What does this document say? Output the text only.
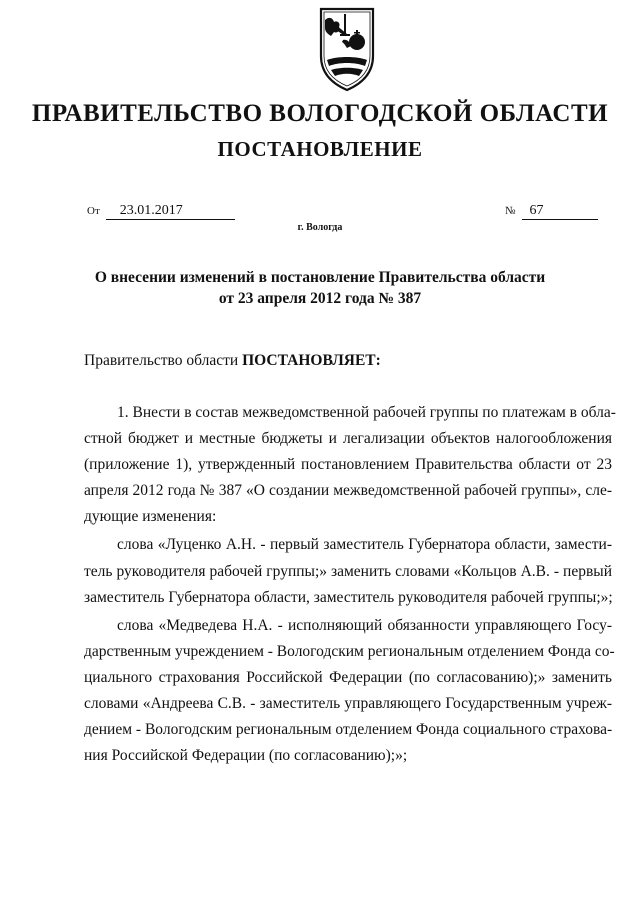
ПРАВИТЕЛЬСТВО ВОЛОГОДСКОЙ ОБЛАСТИ
ПОСТАНОВЛЕНИЕ
От 23.01.2017	№ 67
г. Вологда
О внесении изменений в постановление Правительства области
от 23 апреля 2012 года № 387
Правительство области ПОСТАНОВЛЯЕТ:
1. Внести в состав межведомственной рабочей группы по платежам в обла-
стной бюджет и местные бюджеты и легализации объектов налогообложения
(приложение 1), утвержденный постановлением Правительства области от 23
апреля 2012 года № 387 «О создании межведомственной рабочей группы», сле-
дующие изменения:
слова «Луценко А.Н. - первый заместитель Губернатора области, замести-
тель руководителя рабочей группы;» заменить словами «Кольцов А.В. - первый
заместитель Губернатора области, заместитель руководителя рабочей группы;»;
слова «Медведева Н.А. - исполняющий обязанности управляющего Госу-
дарственным учреждением - Вологодским региональным отделением Фонда со-
циального страхования Российской Федерации (по согласованию);» заменить
словами «Андреева С.В. - заместитель управляющего Государственным учреж-
дением - Вологодским региональным отделением Фонда социального страхова-
ния Российской Федерации (по согласованию);»;
